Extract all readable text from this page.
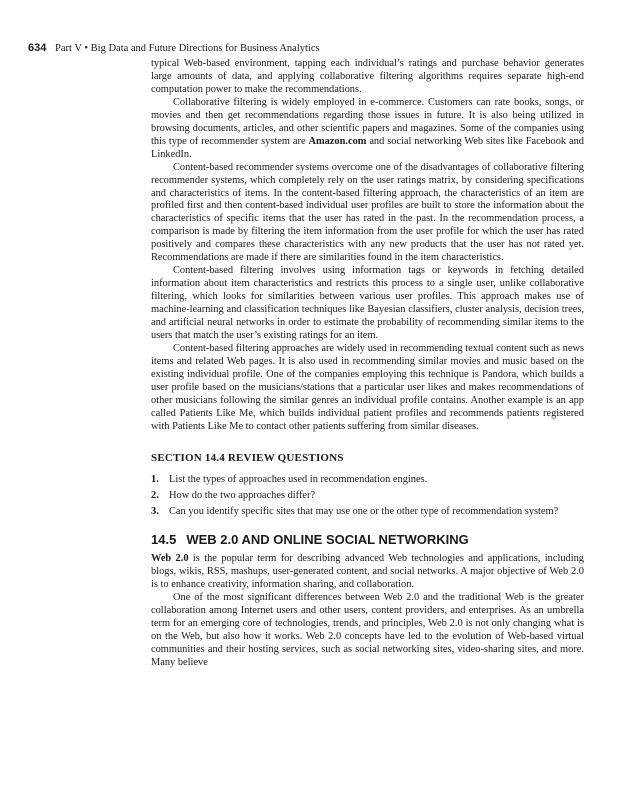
634 Part V • Big Data and Future Directions for Business Analytics

typical Web-based environment, tapping each individual’s ratings and purchase behavior generates large amounts of data, and applying collaborative filtering algorithms requires separate high-end computation power to make the recommendations.

Collaborative filtering is widely employed in e-commerce. Customers can rate books, songs, or movies and then get recommendations regarding those issues in future. It is also being utilized in browsing documents, articles, and other scientific papers and magazines. Some of the companies using this type of recommender system are Amazon.com and social networking Web sites like Facebook and LinkedIn.

Content-based recommender systems overcome one of the disadvantages of collaborative filtering recommender systems, which completely rely on the user ratings matrix, by considering specifications and characteristics of items. In the content-based filtering approach, the characteristics of an item are profiled first and then content-based individual user profiles are built to store the information about the characteristics of specific items that the user has rated in the past. In the recommendation process, a comparison is made by filtering the item information from the user profile for which the user has rated positively and compares these characteristics with any new products that the user has not rated yet. Recommendations are made if there are similarities found in the item characteristics.

Content-based filtering involves using information tags or keywords in fetching detailed information about item characteristics and restricts this process to a single user, unlike collaborative filtering, which looks for similarities between various user profiles. This approach makes use of machine-learning and classification techniques like Bayesian classifiers, cluster analysis, decision trees, and artificial neural networks in order to estimate the probability of recommending similar items to the users that match the user’s existing ratings for an item.

Content-based filtering approaches are widely used in recommending textual content such as news items and related Web pages. It is also used in recommending similar movies and music based on the existing individual profile. One of the companies employing this technique is Pandora, which builds a user profile based on the musicians/stations that a particular user likes and makes recommendations of other musicians following the similar genres an individual profile contains. Another example is an app called Patients Like Me, which builds individual patient profiles and recommends patients registered with Patients Like Me to contact other patients suffering from similar diseases.

SECTION 14.4 REVIEW QUESTIONS
1. List the types of approaches used in recommendation engines.
2. How do the two approaches differ?
3. Can you identify specific sites that may use one or the other type of recommendation system?
14.5 WEB 2.0 AND ONLINE SOCIAL NETWORKING

Web 2.0 is the popular term for describing advanced Web technologies and applications, including blogs, wikis, RSS, mashups, user-generated content, and social networks. A major objective of Web 2.0 is to enhance creativity, information sharing, and collaboration.

One of the most significant differences between Web 2.0 and the traditional Web is the greater collaboration among Internet users and other users, content providers, and enterprises. As an umbrella term for an emerging core of technologies, trends, and principles, Web 2.0 is not only changing what is on the Web, but also how it works. Web 2.0 concepts have led to the evolution of Web-based virtual communities and their hosting services, such as social networking sites, video-sharing sites, and more. Many believe
